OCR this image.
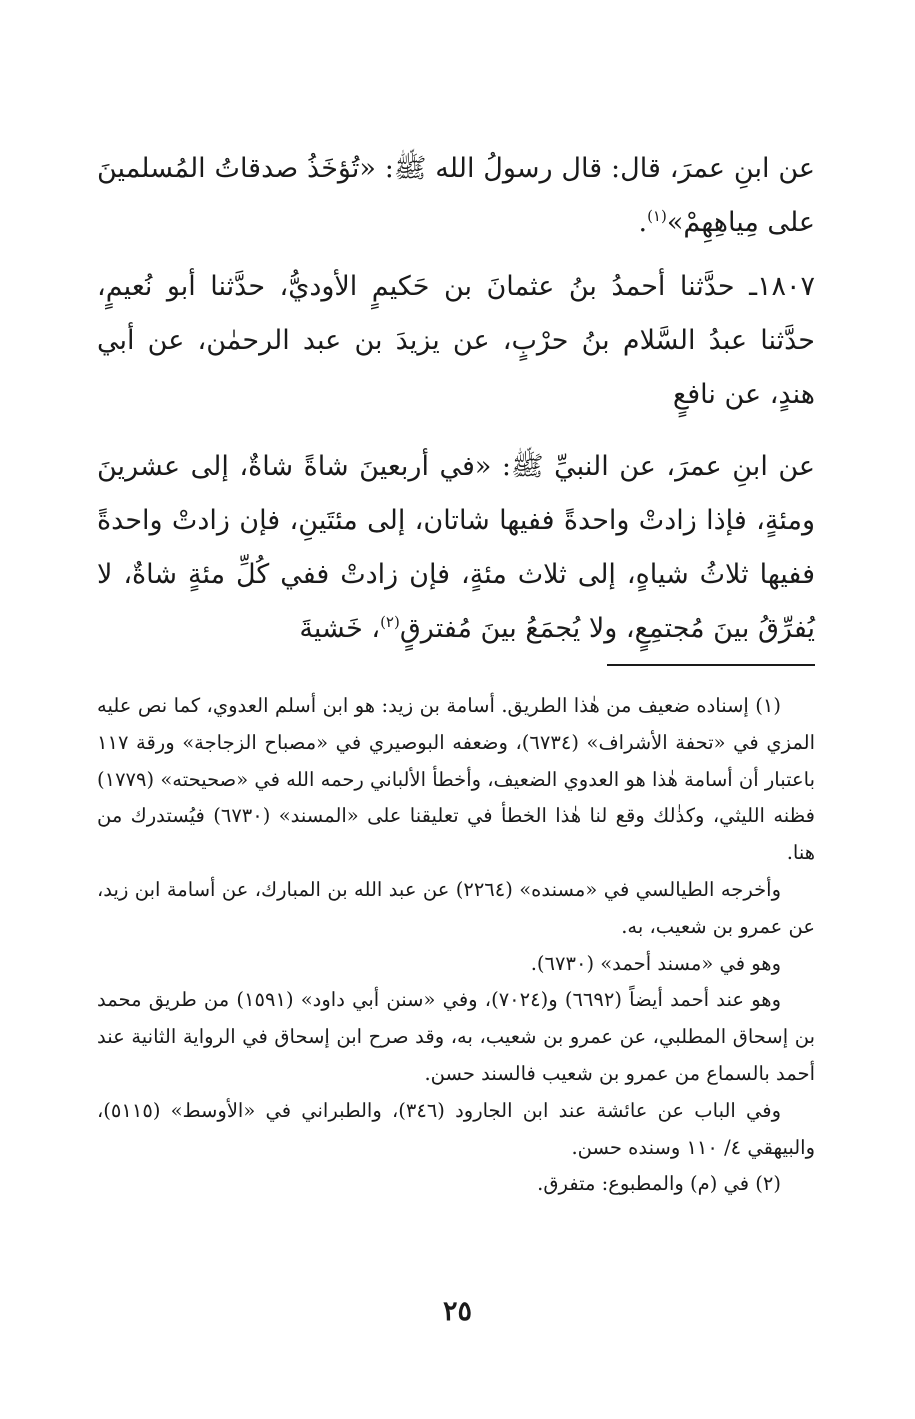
عن ابنِ عمرَ، قال: قال رسولُ الله ﷺ: «تُؤخَذُ صدقاتُ المُسلمينَ على مِياهِهِمْ»$^{(١)}$.

١٨٠٧ـ حدَّثنا أحمدُ بنُ عثمانَ بن حَكيمٍ الأوديُّ، حدَّثنا أبو نُعيمٍ، حدَّثنا عبدُ السَّلام بنُ حرْبٍ، عن يزيدَ بن عبد الرحمٰن، عن أبي هندٍ، عن نافعٍ

عن ابنِ عمرَ، عن النبيِّ ﷺ: «في أربعينَ شاةً شاةٌ، إلى عشرينَ ومئةٍ، فإذا زادتْ واحدةً ففيها شاتان، إلى مئتَينِ، فإن زادتْ واحدةً ففيها ثلاثُ شياهٍ، إلى ثلاث مئةٍ، فإن زادتْ ففي كُلِّ مئةٍ شاةٌ، لا يُفرِّقُ بينَ مُجتمِعٍ، ولا يُجمَعُ بينَ مُفترقٍ$^{(٢)}$، خَشيةَ

(١) إسناده ضعيف من هٰذا الطريق. أسامة بن زيد: هو ابن أسلم العدوي، كما نص عليه المزي في «تحفة الأشراف» (٦٧٣٤)، وضعفه البوصيري في «مصباح الزجاجة» ورقة ١١٧ باعتبار أن أسامة هٰذا هو العدوي الضعيف، وأخطأ الألباني رحمه الله في «صحيحته» (١٧٧٩) فظنه الليثي، وكذٰلك وقع لنا هٰذا الخطأ في تعليقنا على «المسند» (٦٧٣٠) فيُستدرك من هنا.

وأخرجه الطيالسي في «مسنده» (٢٢٦٤) عن عبد الله بن المبارك، عن أسامة ابن زيد، عن عمرو بن شعيب، به.

وهو في «مسند أحمد» (٦٧٣٠).

وهو عند أحمد أيضاً (٦٦٩٢) و(٧٠٢٤)، وفي «سنن أبي داود» (١٥٩١) من طريق محمد بن إسحاق المطلبي، عن عمرو بن شعيب، به، وقد صرح ابن إسحاق في الرواية الثانية عند أحمد بالسماع من عمرو بن شعيب فالسند حسن.

وفي الباب عن عائشة عند ابن الجارود (٣٤٦)، والطبراني في «الأوسط» (٥١١٥)، والبيهقي ٤/ ١١٠ وسنده حسن.

(٢) في (م) والمطبوع: متفرق.

٢٥
